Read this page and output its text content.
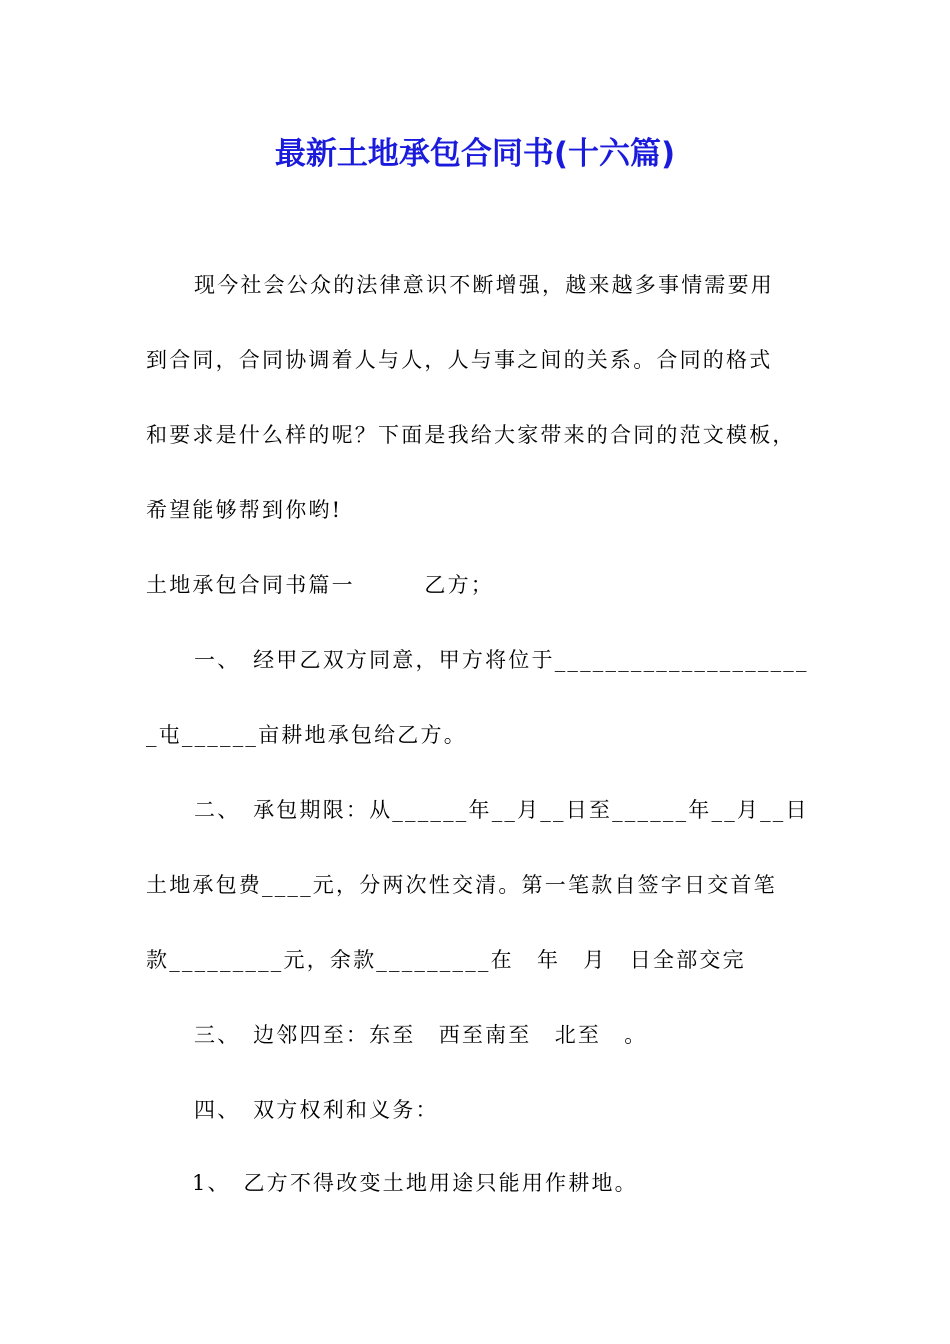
最新土地承包合同书(十六篇)
现今社会公众的法律意识不断增强，越来越多事情需要用
到合同，合同协调着人与人，人与事之间的关系。合同的格式
和要求是什么样的呢？下面是我给大家带来的合同的范文模板，
希望能够帮到你哟!
土地承包合同书篇一　　　乙方；
一、　经甲乙双方同意，甲方将位于____________________
_屯______亩耕地承包给乙方。
二、　承包期限：从______年__月__日至______年__月__日
土地承包费____元，分两次性交清。第一笔款自签字日交首笔
款_________元，余款_________在　年　月　日全部交完
三、　边邻四至：东至　西至南至　北至　。
四、　双方权利和义务：
1、　乙方不得改变土地用途只能用作耕地。
